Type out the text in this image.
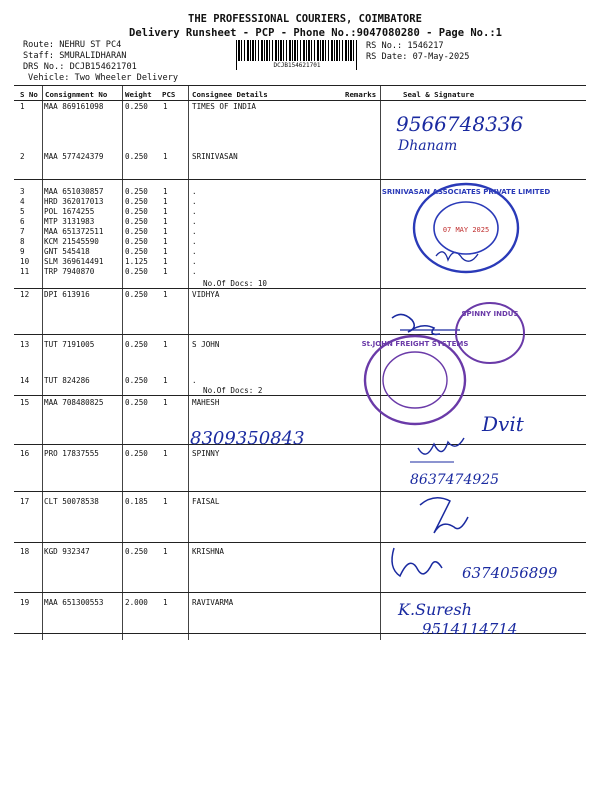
THE PROFESSIONAL COURIERS, COIMBATORE
Delivery Runsheet - PCP - Phone No.:9047080280 - Page No.:1
Route: NEHRU ST PC4
Staff: SMURALIDHARAN
DRS No.: DCJB154621701
Vehicle: Two Wheeler Delivery
RS No.: 1546217
RS Date: 07-May-2025
DCJB154621701
S No Consignment No Weight PCS Consignee Details	Remarks	Seal & Signature
1	MAA 869161098	0.250 1	TIMES OF INDIA
2	MAA 577424379	0.250 1	SRINIVASAN
3	MAA 651030857	0.250 1	.
4	HRD 362017013	0.250 1	.
5	POL 1674255	0.250 1	.
6	MTP 3131983	0.250 1	.
7	MAA 651372511	0.250 1	.
8	KCM 21545590	0.250 1	.
9	GNT 545418	0.250 1	.
10 SLM 369614491	1.125 1	.
11 TRP 7940870	0.250 1	.
12 DPI 613916	0.250 1	VIDHYA
13 TUT 7191005	0.250 1	S JOHN
14 TUT 824286	0.250 1	.
15 MAA 708480825	0.250 1	MAHESH
16 PRO 17837555	0.250 1	SPINNY
17 CLT 50078538	0.185 1	FAISAL
18 KGD 932347	0.250 1	KRISHNA
19 MAA 651300553	2.000 1	RAVIVARMA
No.Of Docs: 10
No.Of Docs: 2
9566748336
Dhanam
8309350843
Dvit
8637474925
6374056899
K.Suresh
9514114714
SRINIVASAN ASSOCIATES PRIVATE LIMITED
07 MAY 2025
St.JOHN FREIGHT SYSTEMS
SPINNY INDUS
